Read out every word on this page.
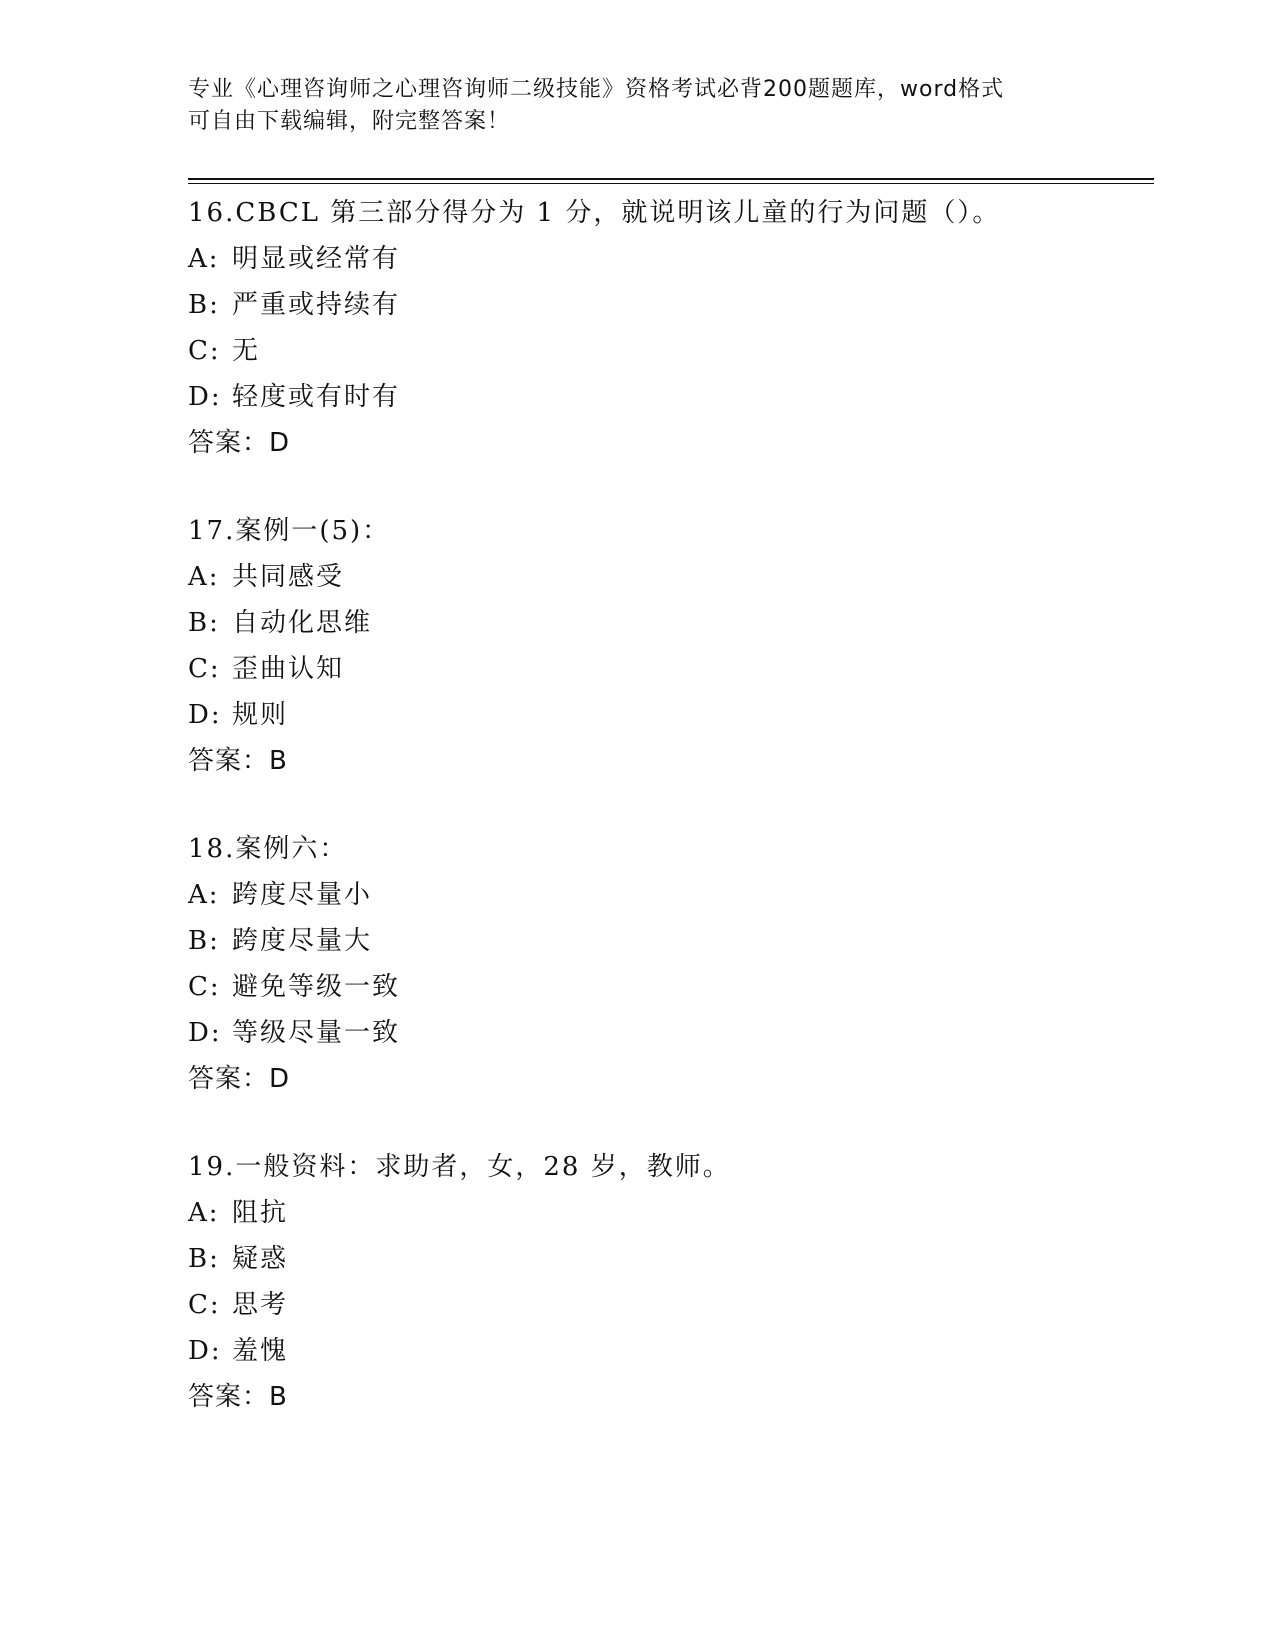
专业《心理咨询师之心理咨询师二级技能》资格考试必背200题题库，word格式
可自由下载编辑，附完整答案！
16.CBCL 第三部分得分为 1 分，就说明该儿童的行为问题（）。
A: 明显或经常有
B: 严重或持续有
C: 无
D: 轻度或有时有
答案：D
17.案例一(5)：
A: 共同感受
B: 自动化思维
C: 歪曲认知
D: 规则
答案：B
18.案例六：
A: 跨度尽量小
B: 跨度尽量大
C: 避免等级一致
D: 等级尽量一致
答案：D
19.一般资料：求助者，女，28 岁，教师。
A: 阻抗
B: 疑惑
C: 思考
D: 羞愧
答案：B
